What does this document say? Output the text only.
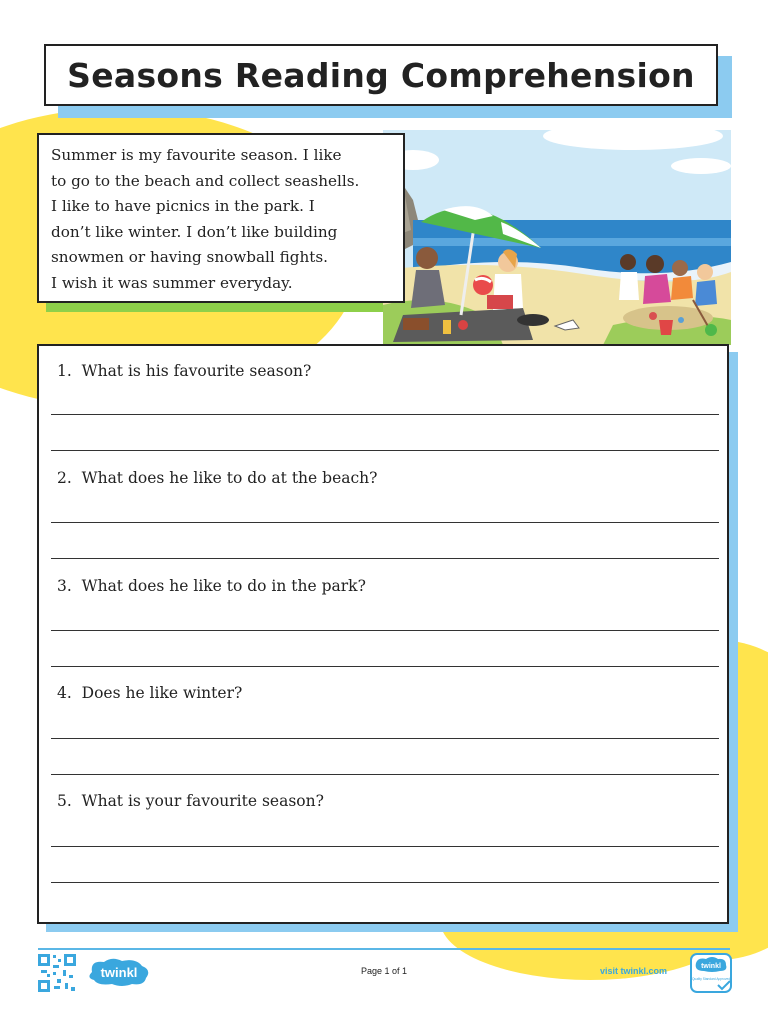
Seasons Reading Comprehension

Summer is my favourite season. I like
to go to the beach and collect seashells.
I like to have picnics in the park. I
don’t like winter. I don’t like building
snowmen or having snowball fights.
I wish it was summer everyday.

1. What is his favourite season?
2. What does he like to do at the beach?
3. What does he like to do in the park?
4. Does he like winter?
5. What is your favourite season?
twinkl	Page 1 of 1	visit twinkl.com	twinkl
Quality Standard Approved
